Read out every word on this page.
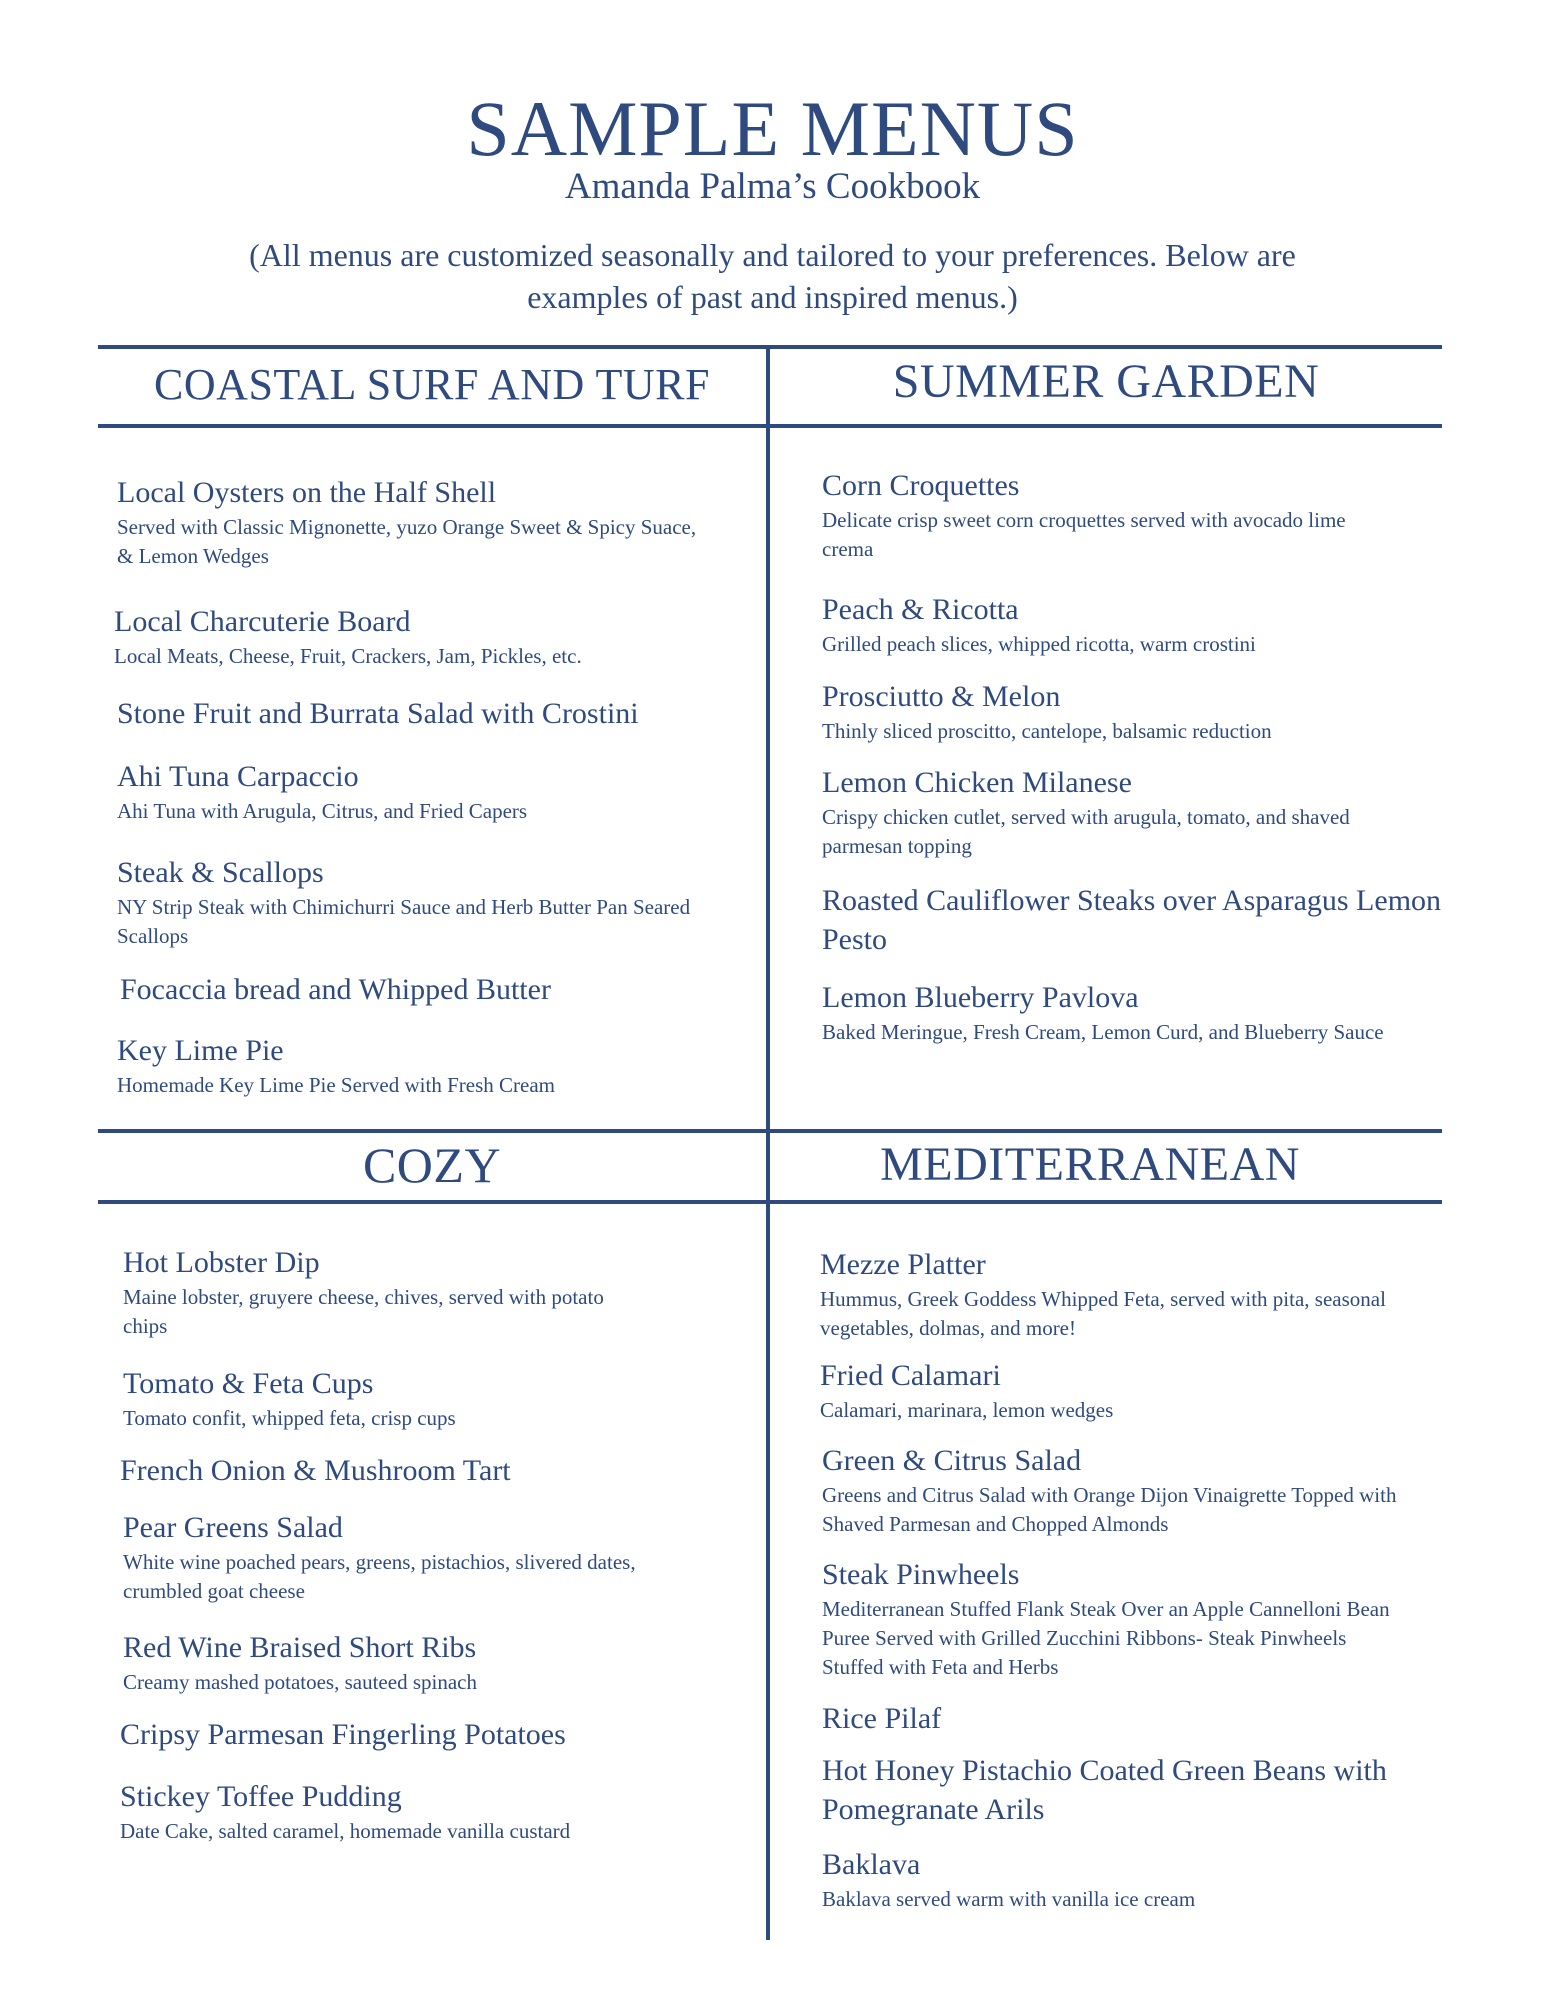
SAMPLE MENUS
Amanda Palma’s Cookbook
(All menus are customized seasonally and tailored to your preferences. Below are examples of past and inspired menus.)
COASTAL SURF AND TURF	SUMMER GARDEN
COZY	MEDITERRANEAN
Local Oysters on the Half Shell
Served with Classic Mignonette, yuzo Orange Sweet & Spicy Suace, & Lemon Wedges
Local Charcuterie Board
Local Meats, Cheese, Fruit, Crackers, Jam, Pickles, etc.
Stone Fruit and Burrata Salad with Crostini
Ahi Tuna Carpaccio
Ahi Tuna with Arugula, Citrus, and Fried Capers
Steak & Scallops
NY Strip Steak with Chimichurri Sauce and Herb Butter Pan Seared Scallops
Focaccia bread and Whipped Butter
Key Lime Pie
Homemade Key Lime Pie Served with Fresh Cream
Corn Croquettes
Delicate crisp sweet corn croquettes served with avocado lime crema
Peach & Ricotta
Grilled peach slices, whipped ricotta, warm crostini
Prosciutto & Melon
Thinly sliced proscitto, cantelope, balsamic reduction
Lemon Chicken Milanese
Crispy chicken cutlet, served with arugula, tomato, and shaved parmesan topping
Roasted Cauliflower Steaks over Asparagus Lemon Pesto
Lemon Blueberry Pavlova
Baked Meringue, Fresh Cream, Lemon Curd, and Blueberry Sauce
Hot Lobster Dip
Maine lobster, gruyere cheese, chives, served with potato chips
Tomato & Feta Cups
Tomato confit, whipped feta, crisp cups
French Onion & Mushroom Tart
Pear Greens Salad
White wine poached pears, greens, pistachios, slivered dates, crumbled goat cheese
Red Wine Braised Short Ribs
Creamy mashed potatoes, sauteed spinach
Cripsy Parmesan Fingerling Potatoes
Stickey Toffee Pudding
Date Cake, salted caramel, homemade vanilla custard
Mezze Platter
Hummus, Greek Goddess Whipped Feta, served with pita, seasonal vegetables, dolmas, and more!
Fried Calamari
Calamari, marinara, lemon wedges
Green & Citrus Salad
Greens and Citrus Salad with Orange Dijon Vinaigrette Topped with Shaved Parmesan and Chopped Almonds
Steak Pinwheels
Mediterranean Stuffed Flank Steak Over an Apple Cannelloni Bean Puree Served with Grilled Zucchini Ribbons- Steak Pinwheels Stuffed with Feta and Herbs
Rice Pilaf
Hot Honey Pistachio Coated Green Beans with Pomegranate Arils
Baklava
Baklava served warm with vanilla ice cream
